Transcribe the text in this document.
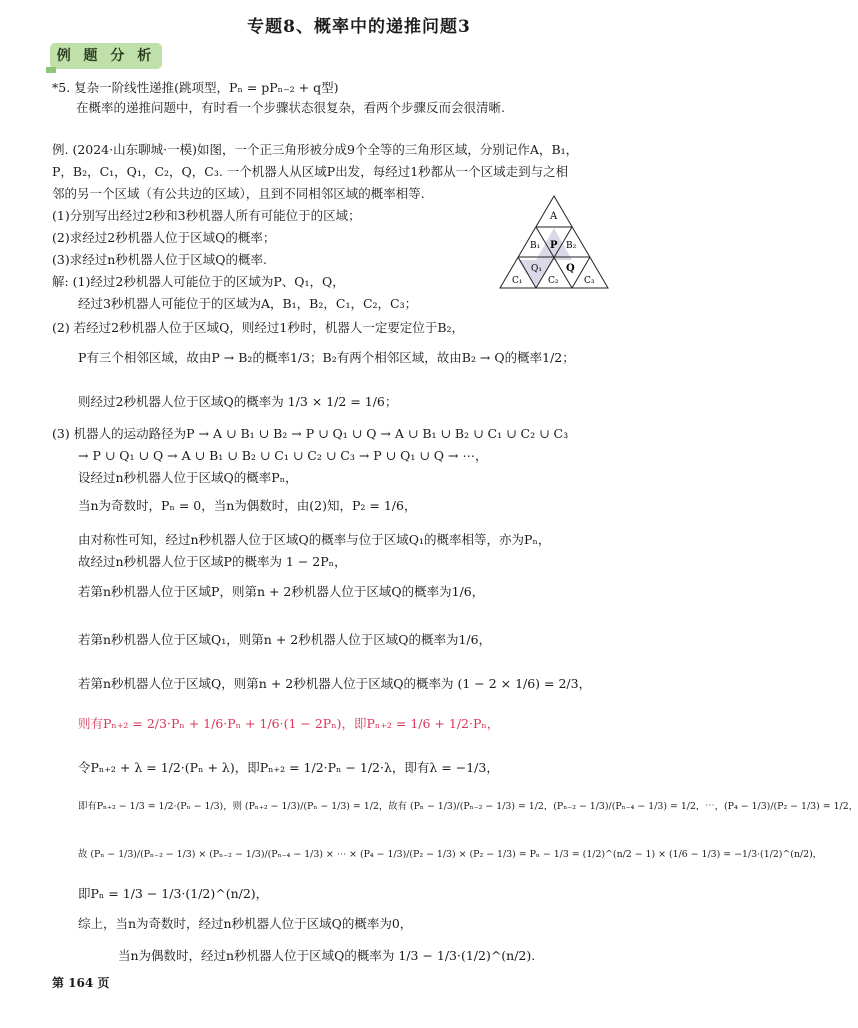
专题8、概率中的递推问题3
例 题 分 析
*5. 复杂一阶线性递推(跳项型，Pₙ = pPₙ₋₂ + q型)
在概率的递推问题中，有时看一个步骤状态很复杂，看两个步骤反而会很清晰.
例. (2024·山东聊城·一模)如图，一个正三角形被分成9个全等的三角形区域，分别记作A，B₁，
P，B₂，C₁，Q₁，C₂，Q，C₃. 一个机器人从区域P出发，每经过1秒都从一个区域走到与之相
邻的另一个区域（有公共边的区域），且到不同相邻区域的概率相等.
(1)分别写出经过2秒和3秒机器人所有可能位于的区域；
(2)求经过2秒机器人位于区域Q的概率；
(3)求经过n秒机器人位于区域Q的概率.
A
B₁ P B₂
C₁
Q₁
C₂
Q
C₃
解: (1)经过2秒机器人可能位于的区域为P、Q₁，Q，
经过3秒机器人可能位于的区域为A，B₁，B₂，C₁，C₂，C₃；
(2) 若经过2秒机器人位于区域Q，则经过1秒时，机器人一定要定位于B₂，
P有三个相邻区域，故由P → B₂的概率1/3；B₂有两个相邻区域，故由B₂ → Q的概率1/2；
则经过2秒机器人位于区域Q的概率为 1/3 × 1/2 = 1/6；
(3) 机器人的运动路径为P → A ∪ B₁ ∪ B₂ → P ∪ Q₁ ∪ Q → A ∪ B₁ ∪ B₂ ∪ C₁ ∪ C₂ ∪ C₃
→ P ∪ Q₁ ∪ Q → A ∪ B₁ ∪ B₂ ∪ C₁ ∪ C₂ ∪ C₃ → P ∪ Q₁ ∪ Q → ⋯，
设经过n秒机器人位于区域Q的概率Pₙ，
当n为奇数时，Pₙ = 0，当n为偶数时，由(2)知，P₂ = 1/6，
由对称性可知，经过n秒机器人位于区域Q的概率与位于区域Q₁的概率相等，亦为Pₙ，
故经过n秒机器人位于区域P的概率为 1 − 2Pₙ，
若第n秒机器人位于区域P，则第n + 2秒机器人位于区域Q的概率为1/6，
若第n秒机器人位于区域Q₁，则第n + 2秒机器人位于区域Q的概率为1/6，
若第n秒机器人位于区域Q，则第n + 2秒机器人位于区域Q的概率为 (1 − 2 × 1/6) = 2/3，
则有Pₙ₊₂ = 2/3·Pₙ + 1/6·Pₙ + 1/6·(1 − 2Pₙ)，即Pₙ₊₂ = 1/6 + 1/2·Pₙ，
令Pₙ₊₂ + λ = 1/2·(Pₙ + λ)，即Pₙ₊₂ = 1/2·Pₙ − 1/2·λ，即有λ = −1/3，
即有Pₙ₊₂ − 1/3 = 1/2·(Pₙ − 1/3)，则 (Pₙ₊₂ − 1/3)/(Pₙ − 1/3) = 1/2，故有 (Pₙ − 1/3)/(Pₙ₋₂ − 1/3) = 1/2，(Pₙ₋₂ − 1/3)/(Pₙ₋₄ − 1/3) = 1/2，⋯，(P₄ − 1/3)/(P₂ − 1/3) = 1/2，
故 (Pₙ − 1/3)/(Pₙ₋₂ − 1/3) × (Pₙ₋₂ − 1/3)/(Pₙ₋₄ − 1/3) × ⋯ × (P₄ − 1/3)/(P₂ − 1/3) × (P₂ − 1/3) = Pₙ − 1/3 = (1/2)^(n/2 − 1) × (1/6 − 1/3) = −1/3·(1/2)^(n/2)，
即Pₙ = 1/3 − 1/3·(1/2)^(n/2)，
综上，当n为奇数时，经过n秒机器人位于区域Q的概率为0，
当n为偶数时，经过n秒机器人位于区域Q的概率为 1/3 − 1/3·(1/2)^(n/2).
第 164 页
